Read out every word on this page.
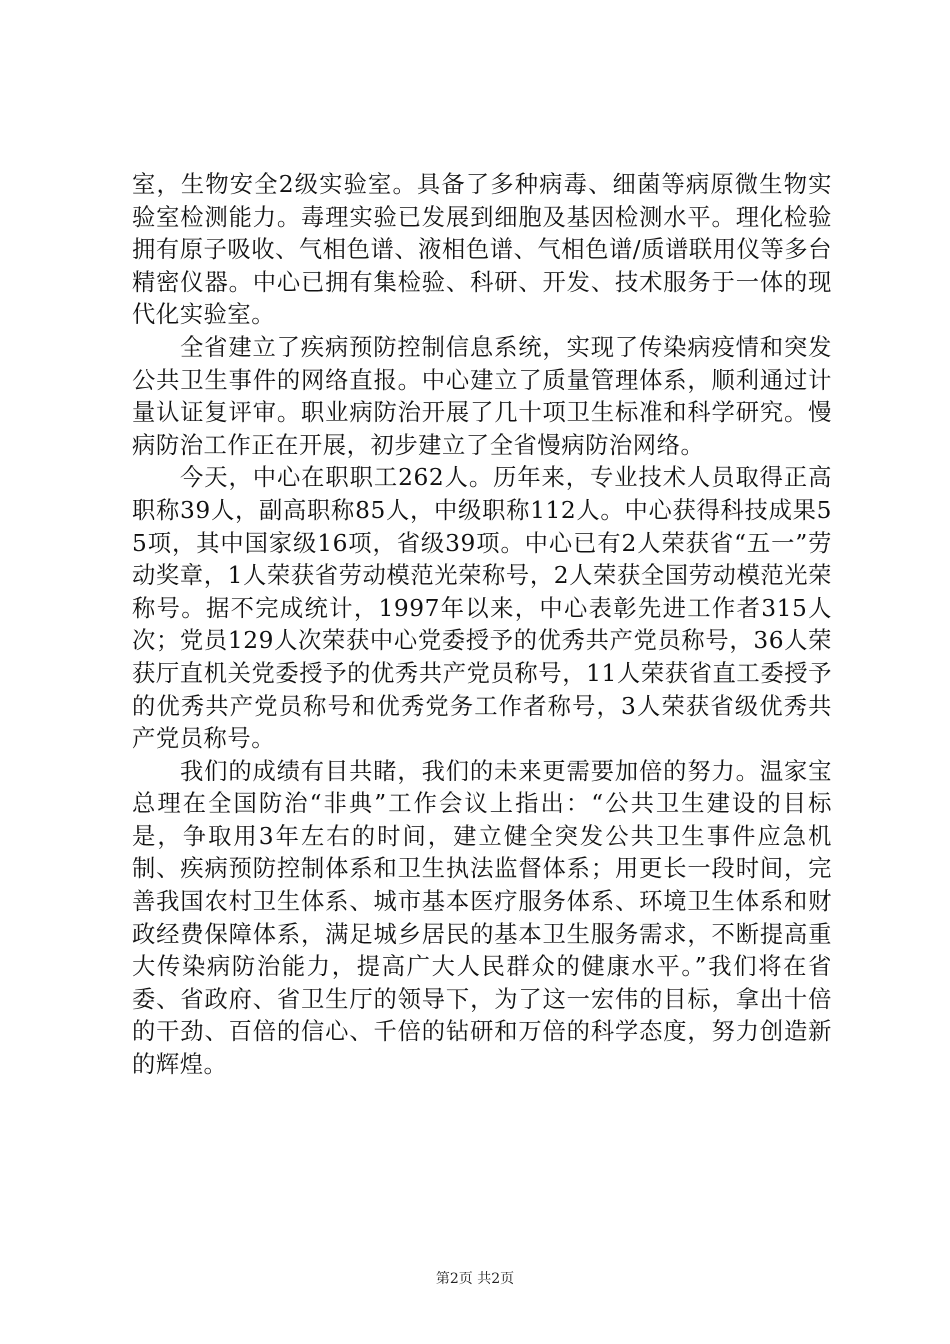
室，生物安全2级实验室。具备了多种病毒、细菌等病原微生物实验室检测能力。毒理实验已发展到细胞及基因检测水平。理化检验拥有原子吸收、气相色谱、液相色谱、气相色谱/质谱联用仪等多台精密仪器。中心已拥有集检验、科研、开发、技术服务于一体的现代化实验室。

全省建立了疾病预防控制信息系统，实现了传染病疫情和突发公共卫生事件的网络直报。中心建立了质量管理体系，顺利通过计量认证复评审。职业病防治开展了几十项卫生标准和科学研究。慢病防治工作正在开展，初步建立了全省慢病防治网络。

今天，中心在职职工262人。历年来，专业技术人员取得正高职称39人，副高职称85人，中级职称112人。中心获得科技成果55项，其中国家级16项，省级39项。中心已有2人荣获省“五一”劳动奖章，1人荣获省劳动模范光荣称号，2人荣获全国劳动模范光荣称号。据不完成统计，1997年以来，中心表彰先进工作者315人次；党员129人次荣获中心党委授予的优秀共产党员称号，36人荣获厅直机关党委授予的优秀共产党员称号，11人荣获省直工委授予的优秀共产党员称号和优秀党务工作者称号，3人荣获省级优秀共产党员称号。

我们的成绩有目共睹，我们的未来更需要加倍的努力。温家宝总理在全国防治“非典”工作会议上指出：“公共卫生建设的目标是，争取用3年左右的时间，建立健全突发公共卫生事件应急机制、疾病预防控制体系和卫生执法监督体系；用更长一段时间，完善我国农村卫生体系、城市基本医疗服务体系、环境卫生体系和财政经费保障体系，满足城乡居民的基本卫生服务需求，不断提高重大传染病防治能力，提高广大人民群众的健康水平。”我们将在省委、省政府、省卫生厅的领导下，为了这一宏伟的目标，拿出十倍的干劲、百倍的信心、千倍的钻研和万倍的科学态度，努力创造新的辉煌。

第2页 共2页
